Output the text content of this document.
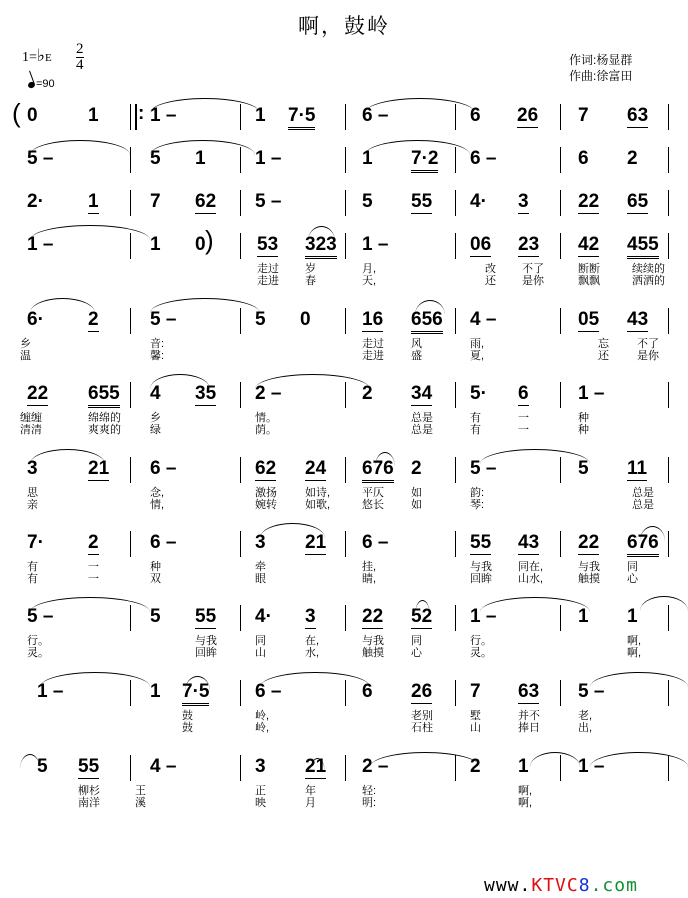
啊，鼓岭
1=♭E $\frac{2}{4}$
=90
作词:杨显群
作曲:徐富田
0	1	1 –	1 7·5 6 –	6 26 7 63
5 –	5 1	1 –	1 7·2 6 –	6 2
2· 1	7 62 5 –	5 55 4· 3	22 65
1 –	1 0	53 323 1 –	06 23 42 455
走过 岁	月,	改 不了	断断	续续的
走进 春	天,	还 是你	飘飘	洒洒的
6· 2	5 –	5 0	16 656 4 –	05 43
乡	音:	走过 风	雨,	忘	不了
温	馨:	走进 盛	夏,	还	是你
22 655 4 35 2 –	2 34 5· 6	1 –
缠缠	绵绵的	乡	情。	总是	有	一	种
清清	爽爽的	绿	荫。	总是	有	一	种
3	21 6 –	62 24 676 2	5 –	5 11
思	念,	激扬	如诗,	平仄 如	韵:	总是
亲	情,	婉转	如歌,	悠长 如	琴:	总是
7· 2	6 –	3 21 6 –	55 43 22 676
有	一	种	牵	挂,	与我 同在,	与我 同
有	一	双	眼	睛,	回眸 山水,	触摸 心
5 –	5 55 4· 3 22 52 1 –	1 1
行。	与我	同	在,	与我 同	行。	啊,
灵。	回眸	山	水,	触摸 心	灵。	啊,
1 –	1 7·5 6 –	6 26 7 63 5 –
鼓	岭,	老别	墅	并不	老,
鼓	岭,	石柱	山	捧日	出,
5 55	4 –	3 21 2 –	2 1	1 –
柳杉	王	正	年	轻:	啊,
南洋	溪	映	月	明:	啊,
(
)
:
www.KTVC8.com
